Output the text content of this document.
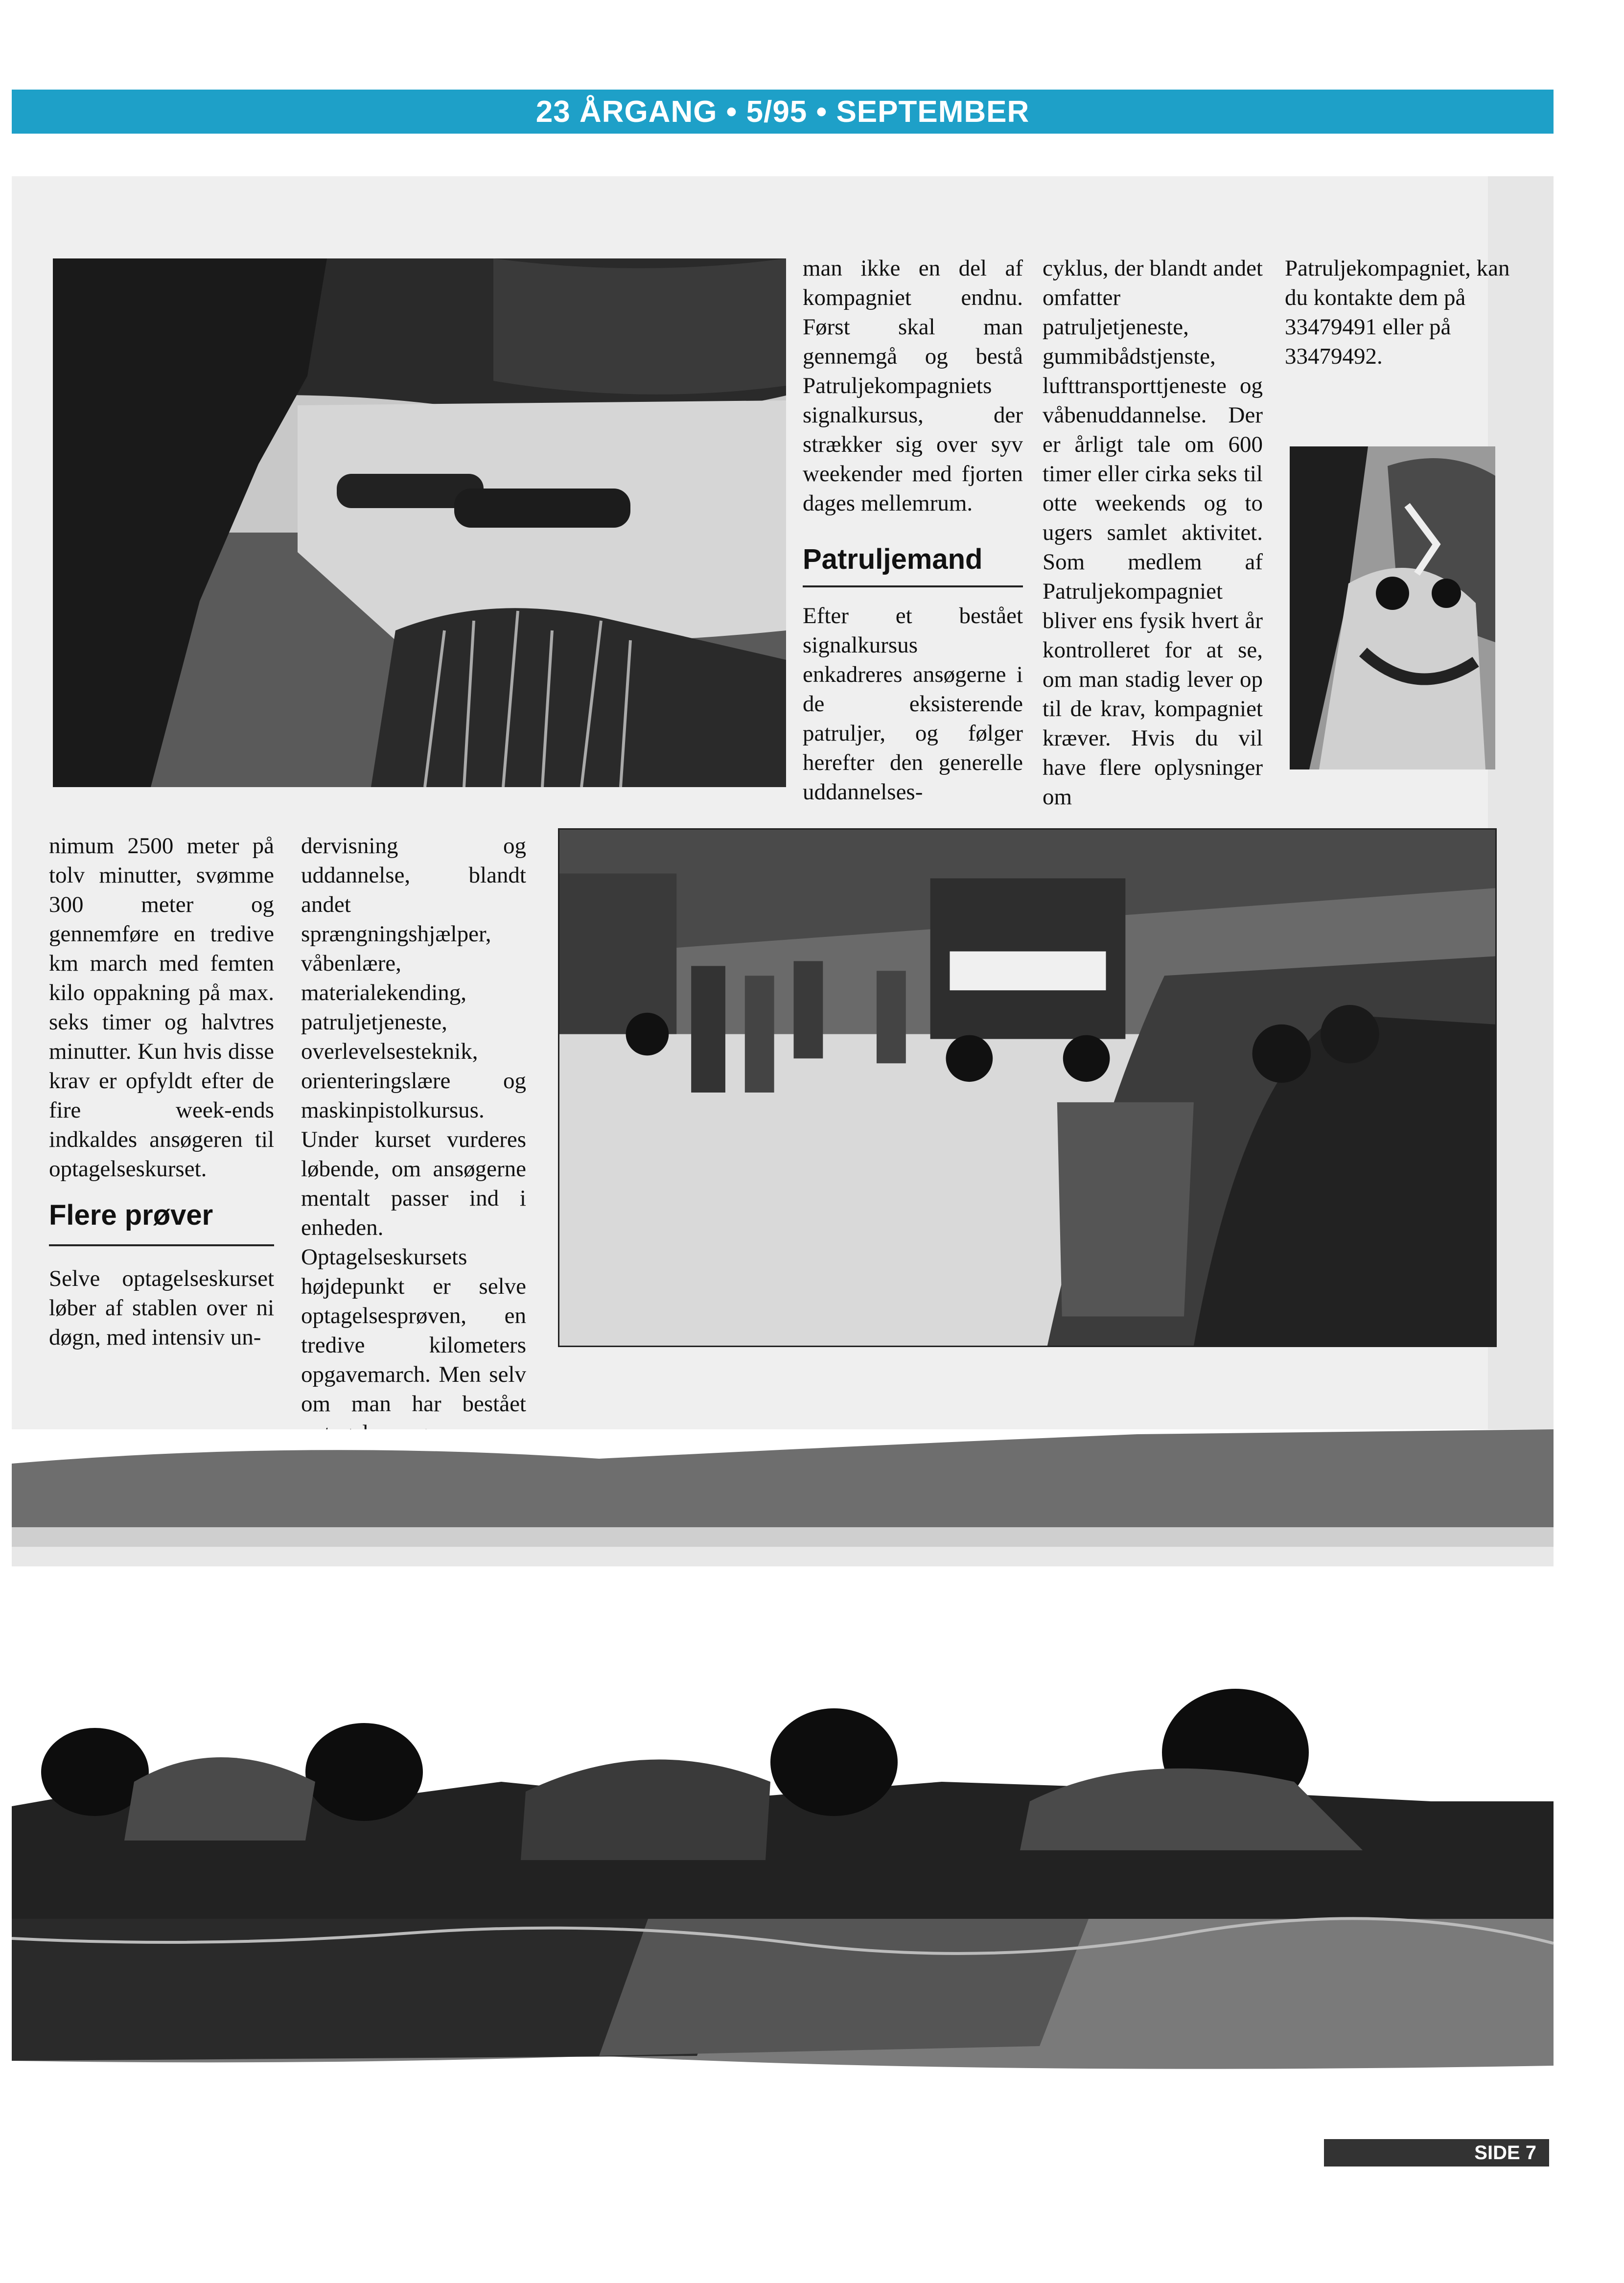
23 ÅRGANG • 5/95 • SEPTEMBER

man ikke en del af kompagniet endnu. Først skal man gennemgå og bestå Patruljekompagniets signalkursus, der strækker sig over syv weekender med fjorten dages mellemrum.

Patruljemand

Efter et bestået signalkursus enkadreres ansøgerne i de eksisterende patruljer, og følger herefter den generelle uddannelses-

cyklus, der blandt andet omfatter patruljetjeneste, gummibådstjenste, lufttransporttjeneste og våbenuddannelse. Der er årligt tale om 600 timer eller cirka seks til otte weekends og to ugers samlet aktivitet. Som medlem af Patruljekompagniet bliver ens fysik hvert år kontrolleret for at se, om man stadig lever op til de krav, kompagniet kræver. Hvis du vil have flere oplysninger om

Patruljekompagniet, kan du kontakte dem på 33479491 eller på 33479492.

nimum 2500 meter på tolv minutter, svømme 300 meter og gennemføre en tredive km march med femten kilo oppakning på max. seks timer og halvtres minutter. Kun hvis disse krav er opfyldt efter de fire week-ends indkaldes ansøgeren til optagelseskurset.

Flere prøver

Selve optagelseskurset løber af stablen over ni døgn, med intensiv un-

dervisning og uddannelse, blandt andet sprængningshjælper, våbenlære, materialekending, patruljetjeneste, overlevelsesteknik, orienteringslære og maskinpistolkursus. Under kurset vurderes løbende, om ansøgerne mentalt passer ind i enheden. Optagelseskursets højdepunkt er selve optagelsesprøven, en tredive kilometers opgavemarch. Men selv om man har bestået

SIDE 7
